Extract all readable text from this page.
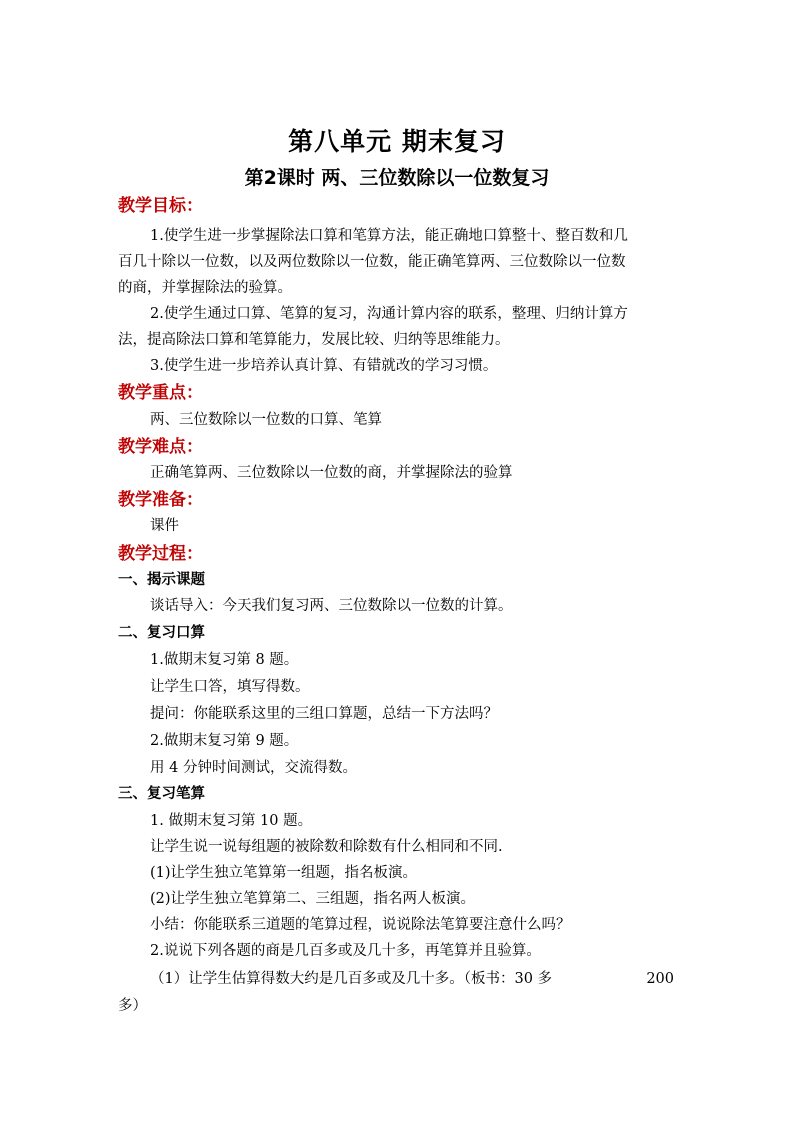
第八单元 期末复习
第2课时 两、三位数除以一位数复习
教学目标：
1.使学生进一步掌握除法口算和笔算方法，能正确地口算整十、整百数和几
百几十除以一位数，以及两位数除以一位数，能正确笔算两、三位数除以一位数
的商，并掌握除法的验算。
2.使学生通过口算、笔算的复习，沟通计算内容的联系，整理、归纳计算方
法，提高除法口算和笔算能力，发展比较、归纳等思维能力。
3.使学生进一步培养认真计算、有错就改的学习习惯。
教学重点：
两、三位数除以一位数的口算、笔算
教学难点：
正确笔算两、三位数除以一位数的商，并掌握除法的验算
教学准备：
课件
教学过程：
一、揭示课题
谈话导入：今天我们复习两、三位数除以一位数的计算。
二、复习口算
1.做期末复习第 8 题。
让学生口答，填写得数。
提问：你能联系这里的三组口算题，总结一下方法吗？
2.做期末复习第 9 题。
用 4 分钟时间测试，交流得数。
三、复习笔算
1. 做期末复习第 10 题。
让学生说一说每组题的被除数和除数有什么相同和不同.
(1)让学生独立笔算第一组题，指名板演。
(2)让学生独立笔算第二、三组题，指名两人板演。
小结：你能联系三道题的笔算过程，说说除法笔算要注意什么吗？
2.说说下列各题的商是几百多或及几十多，再笔算并且验算。
（1）让学生估算得数大约是几百多或及几十多。（板书：30 多	200
多）
